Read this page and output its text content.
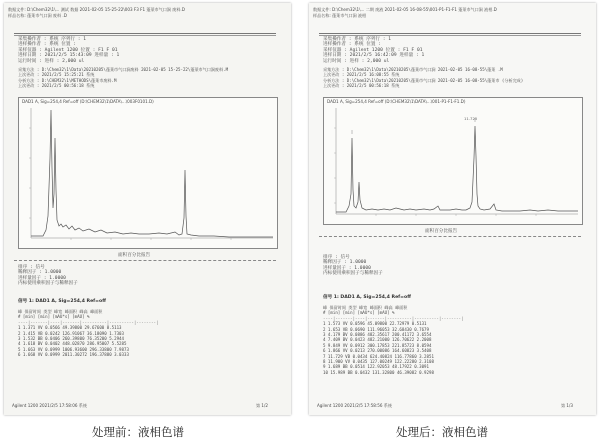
数据文件: D:\Chem32\1\... 测试 数据 2021-02-05 15-25-22\003 F3 F1 蓬莱市气口涧 废料.D
样品名称: 蓬莱市气口涧 废料 .D
采集操作者 : 系统 序列行 : 1
进样操作者 : 系统 位置 :
采样仪器 : Agilent 1200 位置 : F1 F 01
进样日期 : 2021/2/5 15:43:09 进样量 : 1
运行时间 : 进样 : 2,000 ul
采集方法 : D:\Chem32\1\Data\20210205\蓬莱市气口涧废料 2021-02-05 15-25-22\蓬莱市气口涧废料.M
上次更改 : 2021/2/5 15:25:21 系统
分析方法 : D:\CHEM32\1\METHODS\蓬莱市废料.M
上次更改 : 2021/2/5 00:56:18 系统
DAD1 A, Sig=254,4 Ref=off (D:\CHEM32\1\DATA\...\003F0101.D)
面积百分比报告
排序 : 信号
稀释因子 : 1.0000
进样量因子 : 1.0000
内标使用乘积因子与稀释因子
信号 1: DAD1 A, Sig=254,4 Ref=off
峰 保留时间 类型 峰宽 峰面积 峰高 峰面积
# [min] [min] [mAU*s] [mAU] %
----|-------|----|-------|----------|----------|--------|
1 1.371 VV 0.0566 49.39800 29.67600 8.5113
2 1.415 VB 0.0242 126.91067 36.18090 1.7303
3 1.532 BB 0.0406 260.39800 76.35200 5.2944
4 1.618 BV 0.0402 448.02870 286.95007 5.5285
5 1.663 VV 0.0999 1006.93600 296.33800 7.9873
6 1.668 VV 0.0999 2011.30272 196.37880 3.0333
Agilent 1200 2021/2/5 17:58:06 系统	第 1/2
数据文件: D:\Chem32\1\... 二期 废液 2021-02-05 16-08-55\001-P1-F1-F1 蓬莱市气口涧 液相.D
样品名称: 蓬莱市气口涧 液相
采集操作者 : 系统 序列行 : 1
进样操作者 : 系统 位置 :
采样仪器 : Agilent 1200 位置 : F1 F 01
进样日期 : 2021/2/5 16:42:09 进样量 : 1
运行时间 : 进样 : 2,000 ul
采集方法 : D:\Chem32\1\Data\20210205\蓬莱市气口涧 2021-02-05 16-08-55\蓬莱 .M
上次更改 : 2021/2/5 16:08:55 系统
分析方法 : D:\Chem32\1\Data\20210205\蓬莱市气口涧 2021-02-05 16-08-55\蓬莱市 (分析完成)
上次更改 : 2021/2/5 00:56:18 系统
DAD1 A, Sig=254,4 Ref=off (D:\CHEM32\1\DATA\...\001-P1-F1-F1.D)
11.725
面积百分比报告
排序 : 信号
稀释因子 : 1.0000
进样量因子 : 1.0000
内标使用乘积因子与稀释因子
信号 1: DAD1 A, Sig=254,4 Ref=off
峰 保留时间 类型 峰宽 峰面积 峰高 峰面积
# [min] [min] [mAU*s] [mAU] %
----|-------|----|-------|----------|----------|--------|
1 1.573 VV 0.0596 45.09800 22.72979 0.5131
2 1.653 VB 0.0690 111.96053 32.68430 0.7679
3 4.179 BV 0.0886 482.35617 200.41172 3.6554
4 7.409 BV 0.0423 482.21000 126.70622 2.2008
5 9.849 VV 0.0912 300.17853 221.85723 8.0594
6 1.866 VV 0.0213 270.00086 164.60823 3.5408
7 11.729 VB 0.0434 624.40824 116.77860 3.2851
8 11.900 VV 0.0435 127.00249 122.22280 2.3108
9 1.689 BB 0.0514 122.92053 48.17922 0.3091
10 15.989 BB 0.0432 131.32800 46.39082 0.9298
Agilent 1200 2021/2/5 17:58:56 系统	第 1/3
处理前：液相色谱	处理后：液相色谱
